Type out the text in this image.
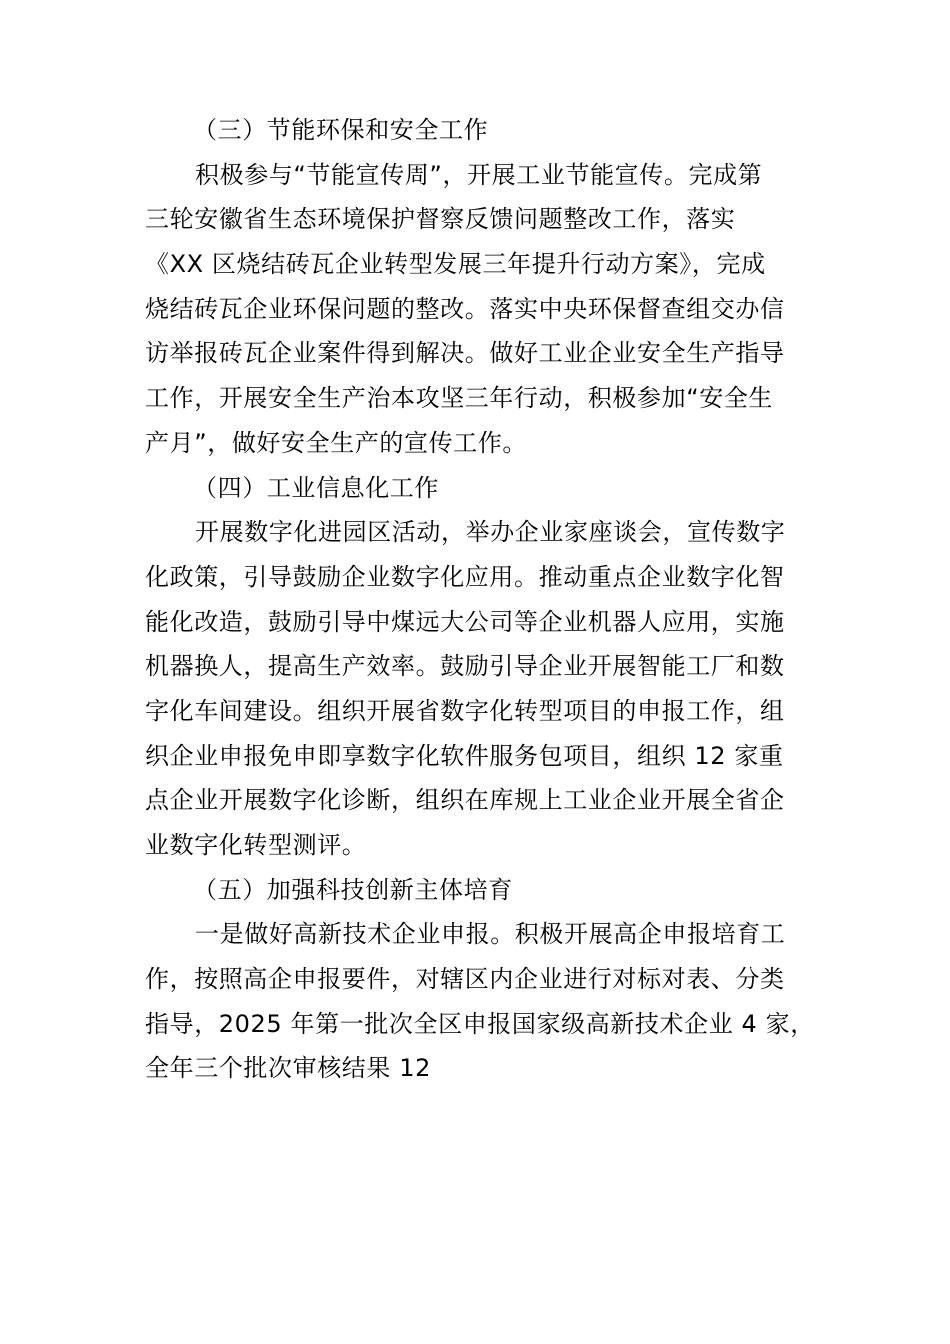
（三）节能环保和安全工作
积极参与“节能宣传周”，开展工业节能宣传。完成第
三轮安徽省生态环境保护督察反馈问题整改工作，落实
《XX 区烧结砖瓦企业转型发展三年提升行动方案》，完成
烧结砖瓦企业环保问题的整改。落实中央环保督查组交办信
访举报砖瓦企业案件得到解决。做好工业企业安全生产指导
工作，开展安全生产治本攻坚三年行动，积极参加“安全生
产月”，做好安全生产的宣传工作。
（四）工业信息化工作
开展数字化进园区活动，举办企业家座谈会，宣传数字
化政策，引导鼓励企业数字化应用。推动重点企业数字化智
能化改造，鼓励引导中煤远大公司等企业机器人应用，实施
机器换人，提高生产效率。鼓励引导企业开展智能工厂和数
字化车间建设。组织开展省数字化转型项目的申报工作，组
织企业申报免申即享数字化软件服务包项目，组织 12 家重
点企业开展数字化诊断，组织在库规上工业企业开展全省企
业数字化转型测评。
（五）加强科技创新主体培育
一是做好高新技术企业申报。积极开展高企申报培育工
作，按照高企申报要件，对辖区内企业进行对标对表、分类
指导，2025 年第一批次全区申报国家级高新技术企业 4 家，
全年三个批次审核结果 12
